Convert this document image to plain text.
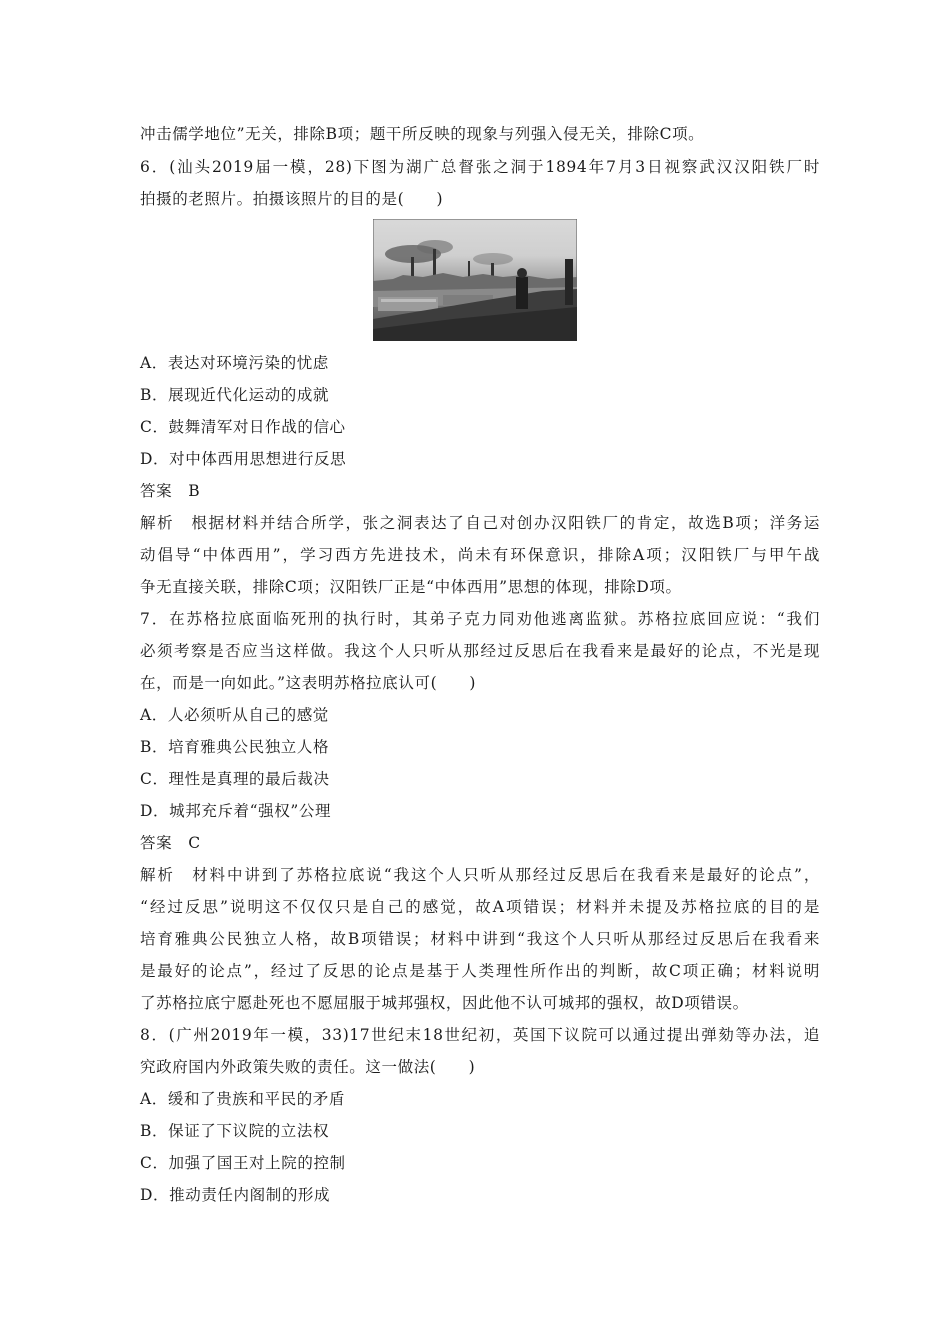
冲击儒学地位”无关，排除B项；题干所反映的现象与列强入侵无关，排除C项。
6．(汕头2019届一模，28)下图为湖广总督张之洞于1894年7月3日视察武汉汉阳铁厂时
拍摄的老照片。拍摄该照片的目的是(　　)
A．表达对环境污染的忧虑
B．展现近代化运动的成就
C．鼓舞清军对日作战的信心
D．对中体西用思想进行反思
答案　B
解析　根据材料并结合所学，张之洞表达了自己对创办汉阳铁厂的肯定，故选B项；洋务运
动倡导“中体西用”，学习西方先进技术，尚未有环保意识，排除A项；汉阳铁厂与甲午战
争无直接关联，排除C项；汉阳铁厂正是“中体西用”思想的体现，排除D项。
7．在苏格拉底面临死刑的执行时，其弟子克力同劝他逃离监狱。苏格拉底回应说：“我们
必须考察是否应当这样做。我这个人只听从那经过反思后在我看来是最好的论点，不光是现
在，而是一向如此。”这表明苏格拉底认可(　　)
A．人必须听从自己的感觉
B．培育雅典公民独立人格
C．理性是真理的最后裁决
D．城邦充斥着“强权”公理
答案　C
解析　材料中讲到了苏格拉底说“我这个人只听从那经过反思后在我看来是最好的论点”，
“经过反思”说明这不仅仅只是自己的感觉，故A项错误；材料并未提及苏格拉底的目的是
培育雅典公民独立人格，故B项错误；材料中讲到“我这个人只听从那经过反思后在我看来
是最好的论点”，经过了反思的论点是基于人类理性所作出的判断，故C项正确；材料说明
了苏格拉底宁愿赴死也不愿屈服于城邦强权，因此他不认可城邦的强权，故D项错误。
8．(广州2019年一模，33)17世纪末18世纪初，英国下议院可以通过提出弹劾等办法，追
究政府国内外政策失败的责任。这一做法(　　)
A．缓和了贵族和平民的矛盾
B．保证了下议院的立法权
C．加强了国王对上院的控制
D．推动责任内阁制的形成
